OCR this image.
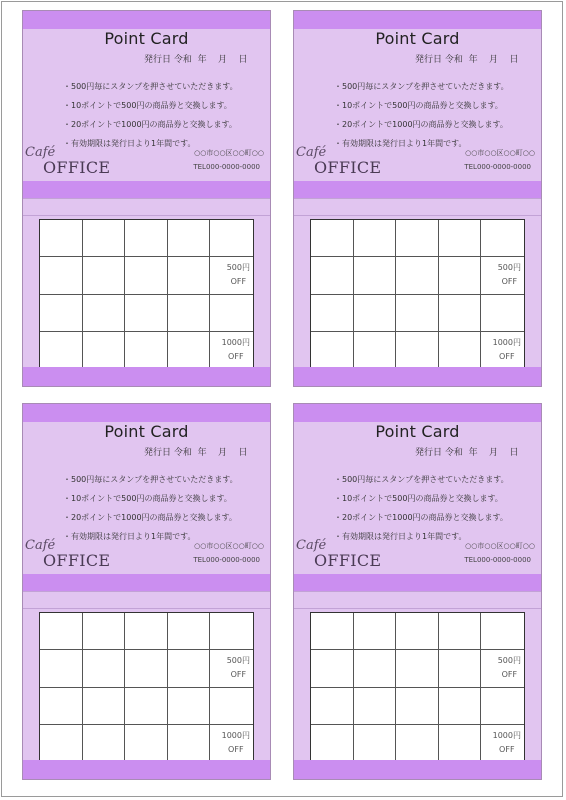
Point Card
発行日 令和  年    月    日
・500円毎にスタンプを押させていただきます。
・10ポイントで500円の商品券と交換します。
・20ポイントで1000円の商品券と交換します。
・有効期限は発行日より1年間です。
Café
OFFICE
○○市○○区○○町○○
TEL000-0000-0000
500円
OFF
1000円
OFF
Point Card
発行日 令和  年    月    日
・500円毎にスタンプを押させていただきます。
・10ポイントで500円の商品券と交換します。
・20ポイントで1000円の商品券と交換します。
・有効期限は発行日より1年間です。
Café
OFFICE
○○市○○区○○町○○
TEL000-0000-0000
500円
OFF
1000円
OFF
Point Card
発行日 令和  年    月    日
・500円毎にスタンプを押させていただきます。
・10ポイントで500円の商品券と交換します。
・20ポイントで1000円の商品券と交換します。
・有効期限は発行日より1年間です。
Café
OFFICE
○○市○○区○○町○○
TEL000-0000-0000
500円
OFF
1000円
OFF
Point Card
発行日 令和  年    月    日
・500円毎にスタンプを押させていただきます。
・10ポイントで500円の商品券と交換します。
・20ポイントで1000円の商品券と交換します。
・有効期限は発行日より1年間です。
Café
OFFICE
○○市○○区○○町○○
TEL000-0000-0000
500円
OFF
1000円
OFF
